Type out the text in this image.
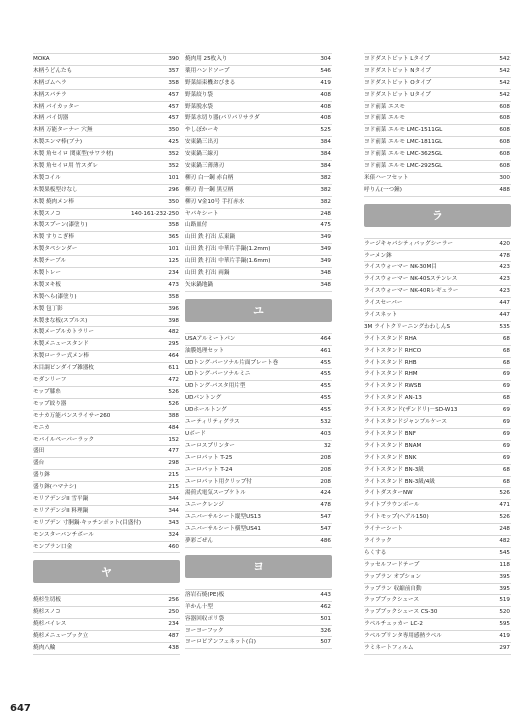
MOKA	390
木柄うどんたも	357
木柄ゴムヘラ	358
木柄スパテラ	457
木柄 パイカッター	457
木柄 パイ切器	457
木柄 万能ターナー 穴無	350
木製エンマ棒(ブナ)	425
木製 角セイロ 関東型(サワラ材)	352
木製 角セイロ用 竹スダレ	352
木製コイル	101
木製果板型けなし	296
木製 焼肉メン棒	350
木製スノコ	140·161·232·250
木製スプーン(漆塗り)	358
木製 すりこぎ棒	365
木製タペシンダー	101
木製テーブル	125
木製トレー	234
木製ヌキ板	473
木製へら(漆塗り)	358
木製 包丁影	396
木製まな板(スプルス)	398
木製メープルカトラリー	482
木製メニュースタンド	295
木製ローラー式メン棒	464
木目調ピンダイプ雑器枚	611
モダンリーフ	472
モップ膝糸	526
モップ絞り器	526
モナカ万能パンスライサー260	388
モニカ	484
モバイルペーパーラック	152
盛田	477
盛台	298
盛り鉢	215
盛り鉢(ハマナシ)	215
モリアデンジII 雪平鍋	344
モリアデンジII 料理鍋	344
モリブデン 寸胴鍋·キッチンポット(目盛付)	343
モンスターバンチボール	324
モンブラン口金	460
ヤ
焼杉生切板	256
焼杉スノコ	250
焼杉バイレス	234
焼杉メニューブック立	487
焼肉八輪	438
焼肉用 25枚入り	304
薬用ハンドソープ	546
野菜結束機おびまる	419
野菜絞り袋	408
野菜脱水袋	408
野菜水切り器(パリパリサラダ	408
やしぼかーキ	525
安東鍋三出刃	384
安東鍋三線刃	384
安東鍋三薄薄刃	384
柳刃 白一鋼 赤白柄	382
柳刃 青一鋼 黒豆柄	382
柳刃 V金10号 手打赤水	382
ヤパキシート	248
山路皿付	475
山田 鉄 打出 広東鍋	349
山田 鉄 打出 中華片手鍋(1.2mm)	349
山田 鉄 打出 中華片手鍋(1.6mm)	349
山田 鉄 打出 両鍋	348
矢床鍋地鍋	348
ユ
USAアルミートパン	464
油膜処理セット	461
UDトング·パーソナル片面プレート巻	455
UDトング·パーソナルミニ	455
UDトング·パスタ用片型	455
UDパントング	455
UDホールトング	455
ユーティリティグラス	532
Uボード	403
ユーロスプリンター	32
ユーロパット T-25	208
ユーロパット T-24	208
ユーロパット用クリップ付	208
湯煎式電気スープケトル	424
ユニークレンジ	478
ユニバーサルシート縦型US13	547
ユニバーサルシート横型US41	547
夢彩ごぜん	486
ヨ
溶岩石焼(PE)板	443
羊かん十型	462
容器回収ポリ袋	501
ヨーヨーフック	326
ヨーロピアンフェネット(白)	507
ヨドダストビット Lタイプ	542
ヨドダストビット Nタイプ	542
ヨドダストビット Oタイプ	542
ヨドダストビット Uタイプ	542
ヨド前菜 エスモ	608
ヨド前菜 エルモ	608
ヨド前菜 エルモ LMC-1511GL	608
ヨド前菜 エルモ LMC-1811GL	608
ヨド前菜 エルモ LMC-3625GL	608
ヨド前菜 エルモ LMC-2925GL	608
米俵ハーフセット	300
呼りん(一つ鐘)	488
ラ
ラージキャパシティバッグシーラー	420
ラーメン鉢	478
ライスウォーマー NK-30M目	423
ライスウォーマー NK-40Sステンレス	423
ライスウォーマー NK-40Rレギュラー	423
ライスセーバー	447
ライスネット	447
3M ライトクリーニングわわしんS	535
ライトスタンド RHA	68
ライトスタンド RHCO	68
ライトスタンド RHB	68
ライトスタンド RHM	69
ライトスタンド RWSB	69
ライトスタンド AN-13	68
ライトスタンド(ザンドリ)－SD-W13	69
ライトスタンドジャンブルケース	69
ライトスタンド BNF	69
ライトスタンド BNAM	69
ライトスタンド BNK	69
ライトスタンド BN-3級	68
ライトスタンド BN-3級/4級	68
ライトダスターNW	526
ライトブラウンボール	471
ライトモップ(ヘアル150)	526
ライナーシート	248
ライラック	482
らくする	545
ラッセルフードテープ	118
ラップラン オプション	395
ラップラン 収縮前自動	395
ラップブックシュース	519
ラップブックシュース CS-30	520
ラベルチェッカー LC-2	595
ラベルプリンタ専用感熱ラベル	419
ラミネートフィルム	297
647
